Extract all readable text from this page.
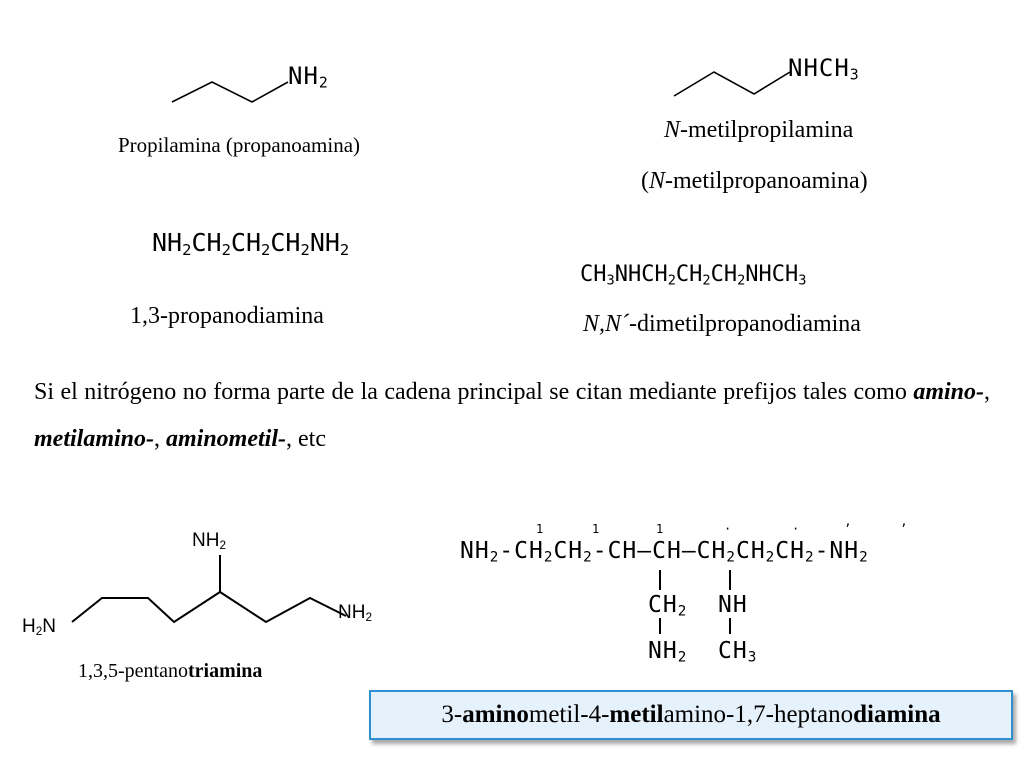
$NH_2$
Propilamina (propanoamina)
$NHCH_3$
N-metilpropilamina
(N-metilpropanoamina)
$NH_2CH_2CH_2CH_2NH_2$
1,3-propanodiamina
$CH_3NHCH_2CH_2CH_2NHCH_3$
N,N´-dimetilpropanodiamina
Si el nitrógeno no forma parte de la cadena principal se citan mediante prefijos tales como amino-, metilamino-, aminometil-, etc
$NH_2$
$H_2N$
$NH_2$
1,3,5-pentanotriamina
$NH_2-CH_2CH_2-CH—CH—CH_2CH_2CH_2-NH_2$
1	1	1	·	·	ʼ	ʼ
$CH_2$
$NH_2$
NH
$CH_3$
3- amino metil-4- metil amino-1,7-heptano diamina
